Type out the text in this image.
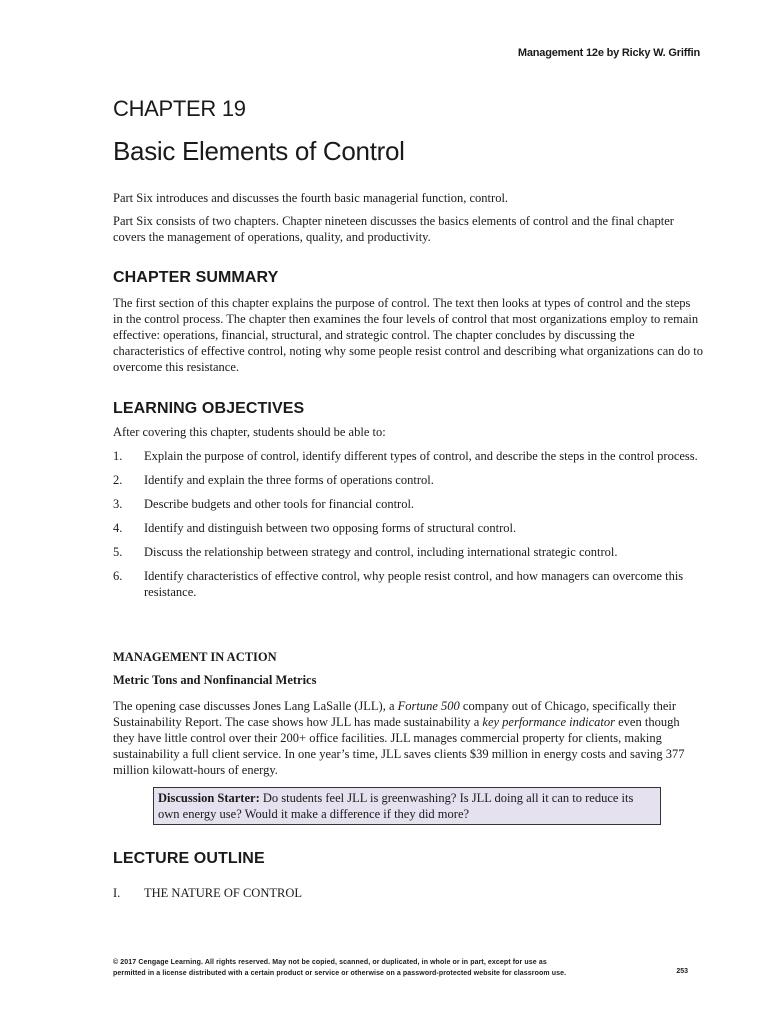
Management 12e by Ricky W. Griffin
CHAPTER 19
Basic Elements of Control
Part Six introduces and discusses the fourth basic managerial function, control.
Part Six consists of two chapters. Chapter nineteen discusses the basics elements of control and the final chapter covers the management of operations, quality, and productivity.
CHAPTER SUMMARY
The first section of this chapter explains the purpose of control. The text then looks at types of control and the steps in the control process. The chapter then examines the four levels of control that most organizations employ to remain effective: operations, financial, structural, and strategic control. The chapter concludes by discussing the characteristics of effective control, noting why some people resist control and describing what organizations can do to overcome this resistance.
LEARNING OBJECTIVES
After covering this chapter, students should be able to:
1. Explain the purpose of control, identify different types of control, and describe the steps in the control process.
2. Identify and explain the three forms of operations control.
3. Describe budgets and other tools for financial control.
4. Identify and distinguish between two opposing forms of structural control.
5. Discuss the relationship between strategy and control, including international strategic control.
6. Identify characteristics of effective control, why people resist control, and how managers can overcome this resistance.
MANAGEMENT IN ACTION
Metric Tons and Nonfinancial Metrics
The opening case discusses Jones Lang LaSalle (JLL), a Fortune 500 company out of Chicago, specifically their Sustainability Report. The case shows how JLL has made sustainability a key performance indicator even though they have little control over their 200+ office facilities. JLL manages commercial property for clients, making sustainability a full client service. In one year’s time, JLL saves clients $39 million in energy costs and saving 377 million kilowatt-hours of energy.
Discussion Starter: Do students feel JLL is greenwashing? Is JLL doing all it can to reduce its own energy use? Would it make a difference if they did more?
LECTURE OUTLINE
I. THE NATURE OF CONTROL
© 2017 Cengage Learning. All rights reserved. May not be copied, scanned, or duplicated, in whole or in part, except for use as
permitted in a license distributed with a certain product or service or otherwise on a password-protected website for classroom use.	253
